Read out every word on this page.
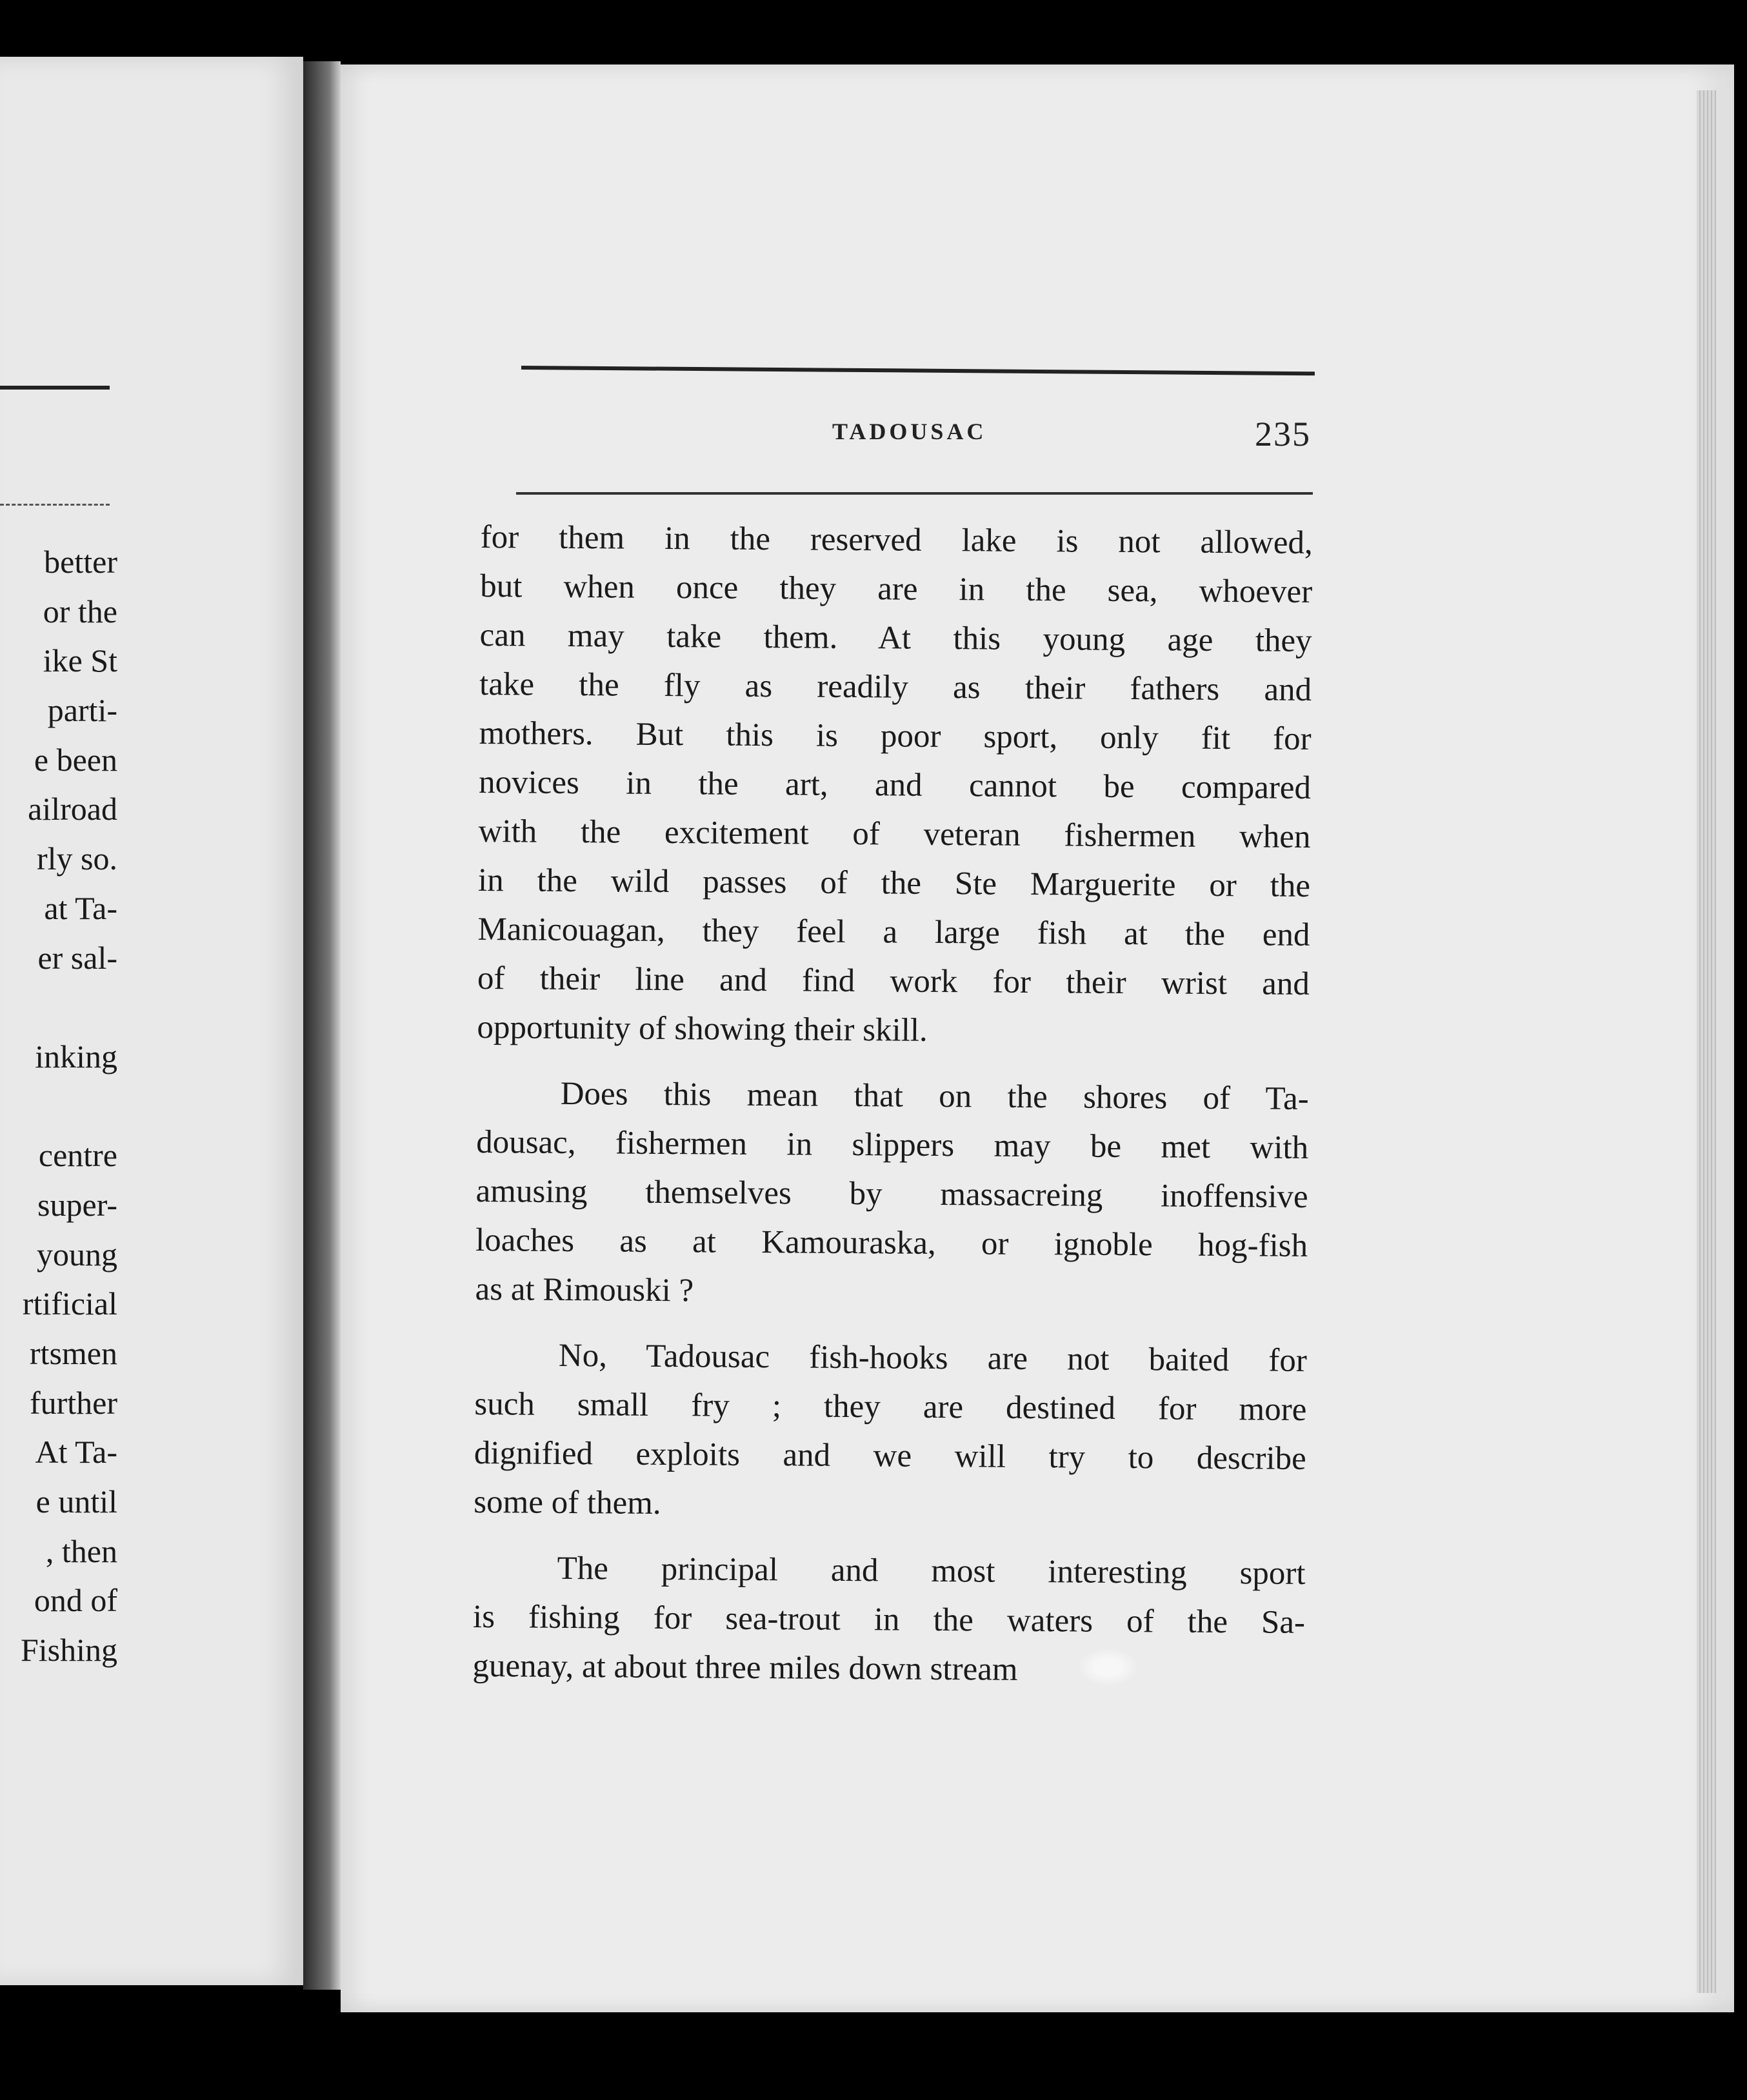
better
or the
ike St
parti-
e been
ailroad
rly so.
at Ta-
er sal-
inking
centre
super-
young
rtificial
rtsmen
further
At Ta-
e until
, then
ond of
Fishing
TADOUSAC	235
for them in the reserved lake is not allowed,
but when once they are in the sea, whoever
can may take them. At this young age they
take the fly as readily as their fathers and
mothers. But this is poor sport, only fit for
novices in the art, and cannot be compared
with the excitement of veteran fishermen when
in the wild passes of the Ste Marguerite or the
Manicouagan, they feel a large fish at the end
of their line and find work for their wrist and
opportunity of showing their skill.
Does this mean that on the shores of Ta-
dousac, fishermen in slippers may be met with
amusing themselves by massacreing inoffensive
loaches as at Kamouraska, or ignoble hog-fish
as at Rimouski ?
No, Tadousac fish-hooks are not baited for
such small fry ; they are destined for more
dignified exploits and we will try to describe
some of them.
The principal and most interesting sport
is fishing for sea-trout in the waters of the Sa-
guenay, at about three miles down stream
